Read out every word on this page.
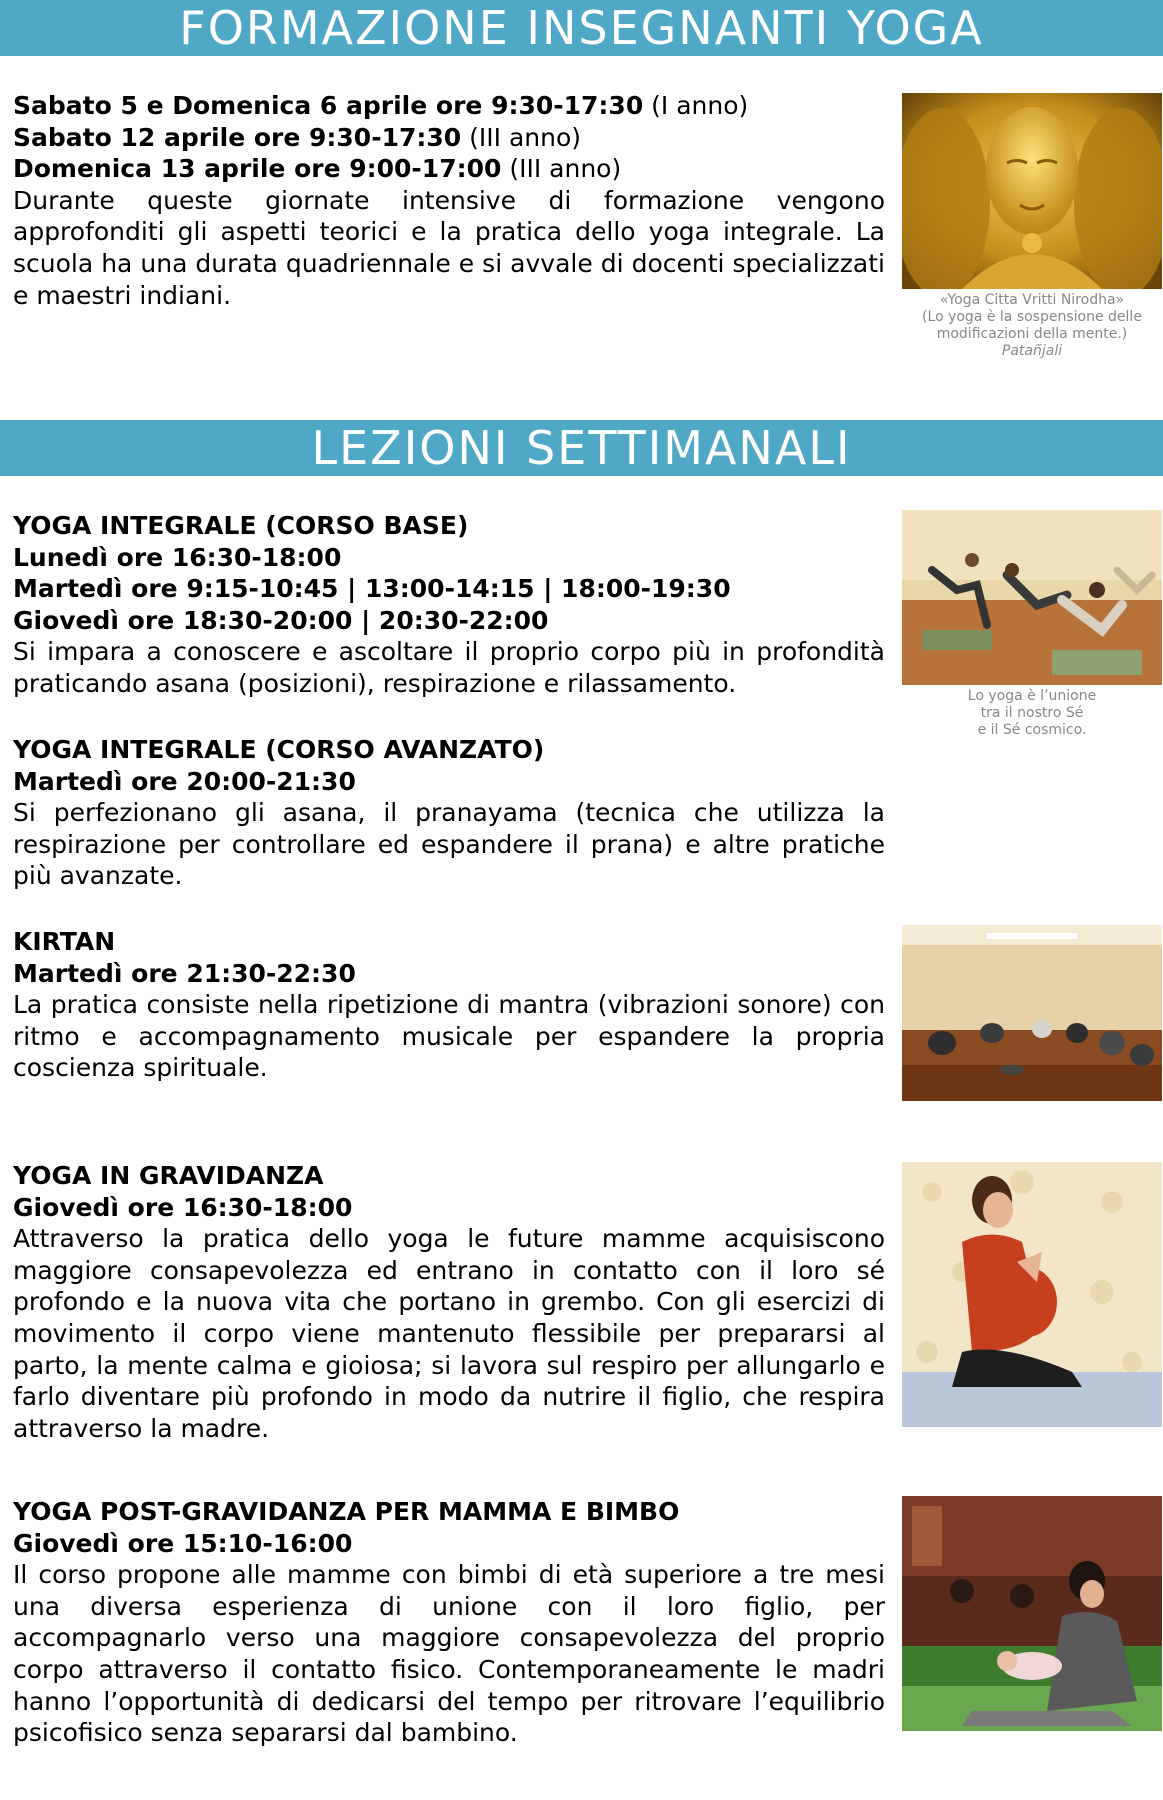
FORMAZIONE INSEGNANTI YOGA
Sabato 5 e Domenica 6 aprile ore 9:30-17:30 (I anno)
Sabato 12 aprile ore 9:30-17:30 (III anno)
Domenica 13 aprile ore 9:00-17:00 (III anno)

Durante queste giornate intensive di formazione vengono approfonditi gli aspetti teorici e la pratica dello yoga integrale. La scuola ha una durata quadriennale e si avvale di docenti specializzati e maestri indiani.	«Yoga Citta Vritti Nirodha»
(Lo yoga è la sospensione delle
modificazioni della mente.)
Patañjali
LEZIONI SETTIMANALI
YOGA INTEGRALE (CORSO BASE)
Lunedì ore 16:30-18:00
Martedì ore 9:15-10:45 | 13:00-14:15 | 18:00-19:30
Giovedì ore 18:30-20:00 | 20:30-22:00

Si impara a conoscere e ascoltare il proprio corpo più in profondità praticando asana (posizioni), respirazione e rilassamento.	Lo yoga è l’unione
tra il nostro Sé
e il Sé cosmico.
YOGA INTEGRALE (CORSO AVANZATO)
Martedì ore 20:00-21:30

Si perfezionano gli asana, il pranayama (tecnica che utilizza la respirazione per controllare ed espandere il prana) e altre pratiche più avanzate.

KIRTAN
Martedì ore 21:30-22:30

La pratica consiste nella ripetizione di mantra (vibrazioni sonore) con ritmo e accompagnamento musicale per espandere la propria coscienza spirituale.

YOGA IN GRAVIDANZA
Giovedì ore 16:30-18:00

Attraverso la pratica dello yoga le future mamme acquisiscono maggiore consapevolezza ed entrano in contatto con il loro sé profondo e la nuova vita che portano in grembo. Con gli esercizi di movimento il corpo viene mantenuto flessibile per prepararsi al parto, la mente calma e gioiosa; si lavora sul respiro per allungarlo e farlo diventare più profondo in modo da nutrire il figlio, che respira attraverso la madre.

YOGA POST-GRAVIDANZA PER MAMMA E BIMBO
Giovedì ore 15:10-16:00

Il corso propone alle mamme con bimbi di età superiore a tre mesi una diversa esperienza di unione con il loro figlio, per accompagnarlo verso una maggiore consapevolezza del proprio corpo attraverso il contatto fisico. Contemporaneamente le madri hanno l’opportunità di dedicarsi del tempo per ritrovare l’equilibrio psicofisico senza separarsi dal bambino.
